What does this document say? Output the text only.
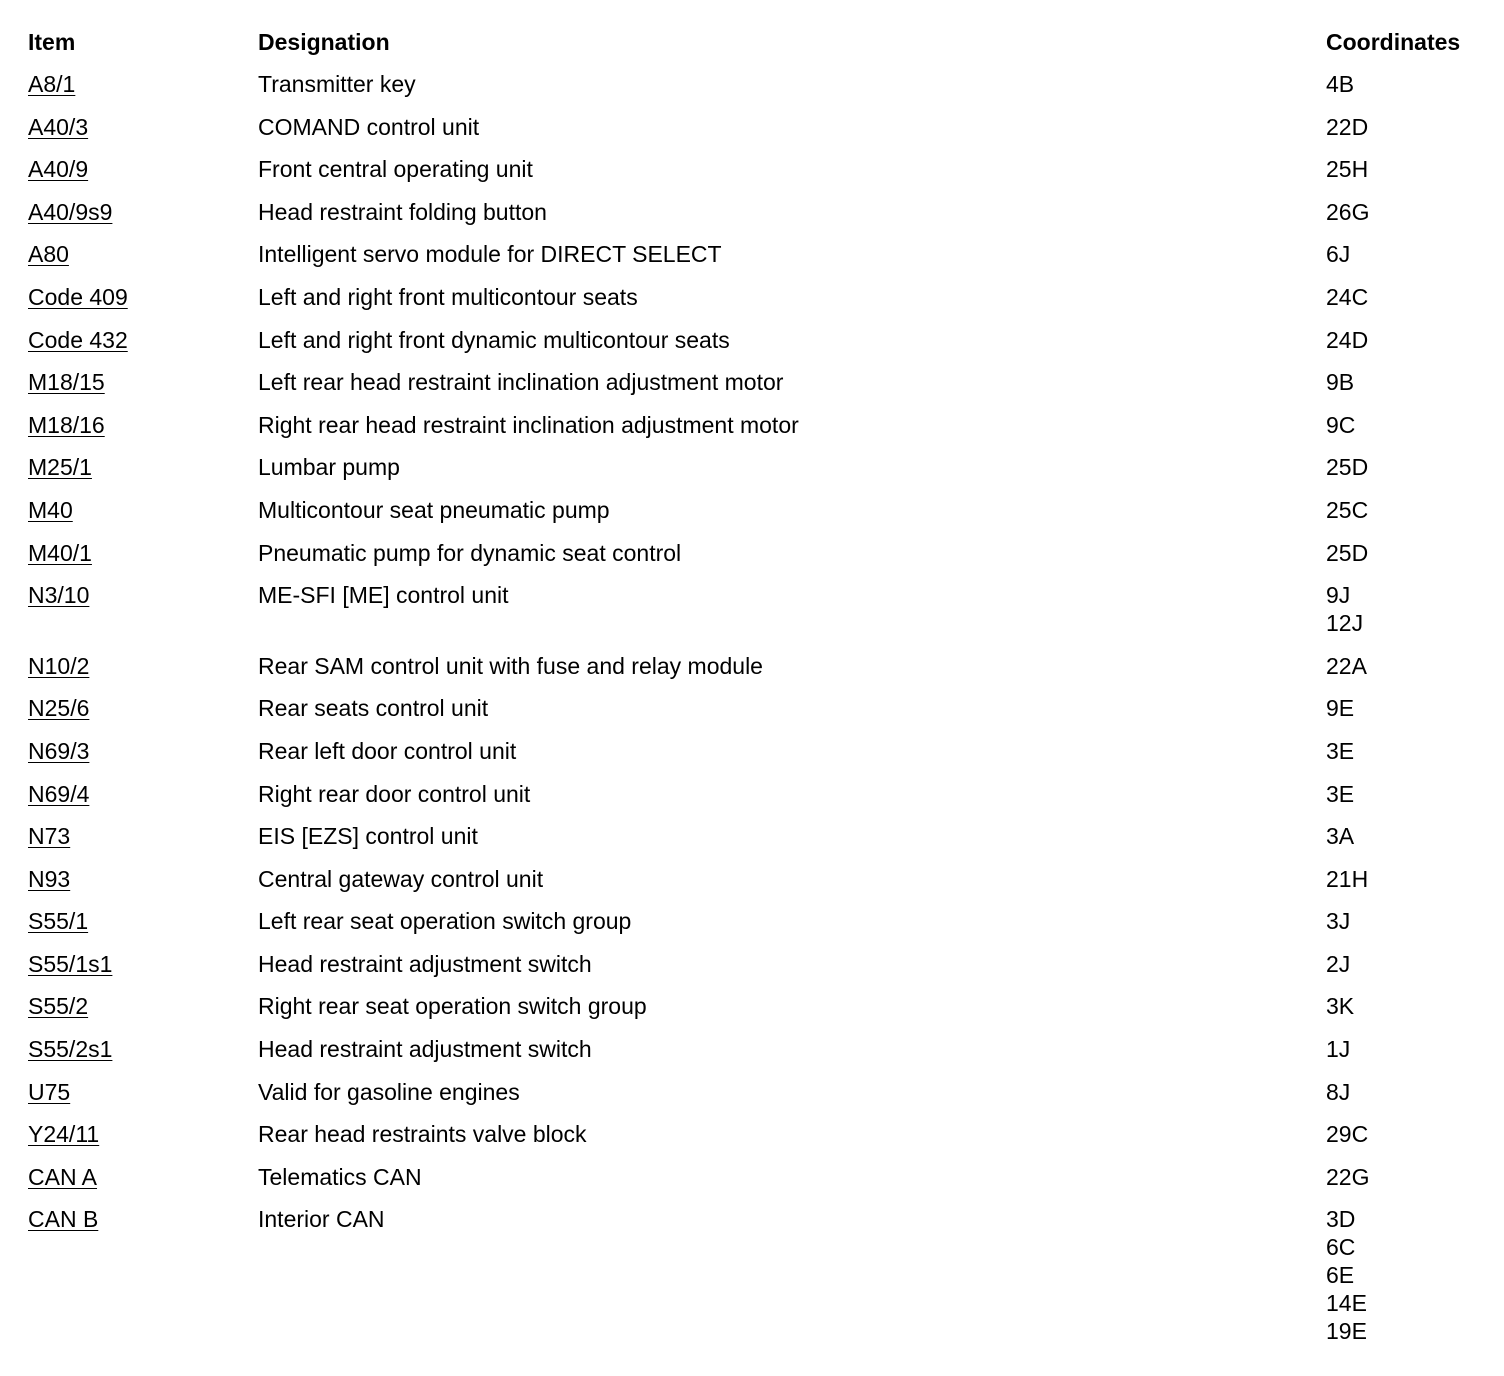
Item	Designation	Coordinates
A8/1	Transmitter key	4B
A40/3	COMAND control unit	22D
A40/9	Front central operating unit	25H
A40/9s9	Head restraint folding button	26G
A80	Intelligent servo module for DIRECT SELECT	6J
Code 409	Left and right front multicontour seats	24C
Code 432	Left and right front dynamic multicontour seats	24D
M18/15	Left rear head restraint inclination adjustment motor	9B
M18/16	Right rear head restraint inclination adjustment motor	9C
M25/1	Lumbar pump	25D
M40	Multicontour seat pneumatic pump	25C
M40/1	Pneumatic pump for dynamic seat control	25D
N3/10	ME-SFI [ME] control unit	9J
12J
N10/2	Rear SAM control unit with fuse and relay module	22A
N25/6	Rear seats control unit	9E
N69/3	Rear left door control unit	3E
N69/4	Right rear door control unit	3E
N73	EIS [EZS] control unit	3A
N93	Central gateway control unit	21H
S55/1	Left rear seat operation switch group	3J
S55/1s1	Head restraint adjustment switch	2J
S55/2	Right rear seat operation switch group	3K
S55/2s1	Head restraint adjustment switch	1J
U75	Valid for gasoline engines	8J
Y24/11	Rear head restraints valve block	29C
CAN A	Telematics CAN	22G
CAN B	Interior CAN	3D
6C
6E
14E
19E
